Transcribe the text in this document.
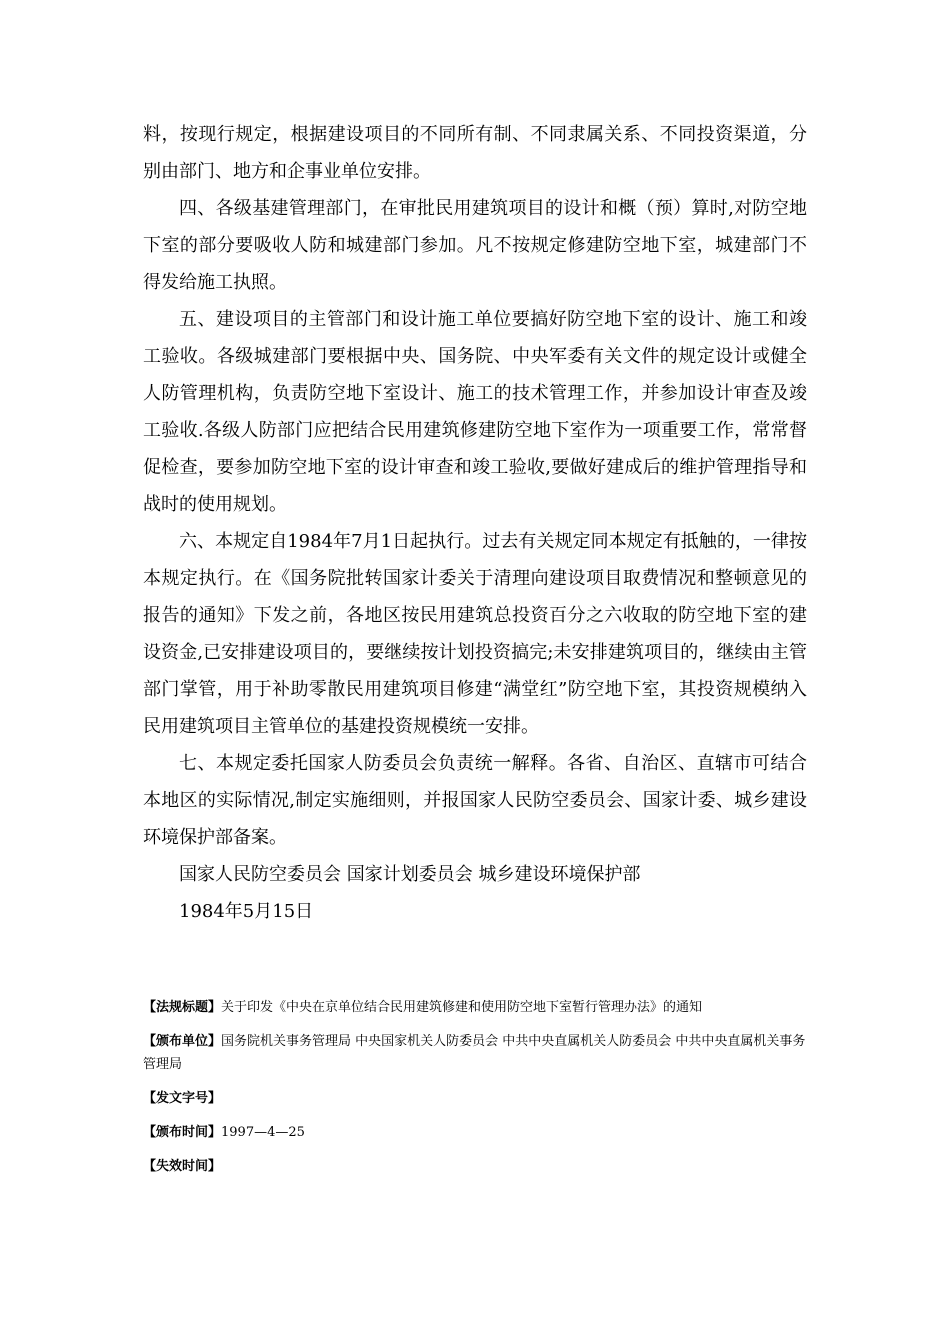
料，按现行规定，根据建设项目的不同所有制、不同隶属关系、不同投资渠道，分别由部门、地方和企事业单位安排。

四、各级基建管理部门，在审批民用建筑项目的设计和概（预）算时,对防空地下室的部分要吸收人防和城建部门参加。凡不按规定修建防空地下室，城建部门不得发给施工执照。

五、建设项目的主管部门和设计施工单位要搞好防空地下室的设计、施工和竣工验收。各级城建部门要根据中央、国务院、中央军委有关文件的规定设计或健全人防管理机构，负责防空地下室设计、施工的技术管理工作，并参加设计审查及竣工验收.各级人防部门应把结合民用建筑修建防空地下室作为一项重要工作，常常督促检查，要参加防空地下室的设计审查和竣工验收,要做好建成后的维护管理指导和战时的使用规划。

六、本规定自1984年7月1日起执行。过去有关规定同本规定有抵触的，一律按本规定执行。在《国务院批转国家计委关于清理向建设项目取费情况和整顿意见的报告的通知》下发之前，各地区按民用建筑总投资百分之六收取的防空地下室的建设资金,已安排建设项目的，要继续按计划投资搞完;未安排建筑项目的，继续由主管部门掌管，用于补助零散民用建筑项目修建“满堂红”防空地下室，其投资规模纳入民用建筑项目主管单位的基建投资规模统一安排。

七、本规定委托国家人防委员会负责统一解释。各省、自治区、直辖市可结合本地区的实际情况,制定实施细则，并报国家人民防空委员会、国家计委、城乡建设环境保护部备案。

国家人民防空委员会 国家计划委员会 城乡建设环境保护部

1984年5月15日

【法规标题】关于印发《中央在京单位结合民用建筑修建和使用防空地下室暂行管理办法》的通知

【颁布单位】国务院机关事务管理局 中央国家机关人防委员会 中共中央直属机关人防委员会 中共中央直属机关事务管理局

【发文字号】

【颁布时间】1997—4—25

【失效时间】
